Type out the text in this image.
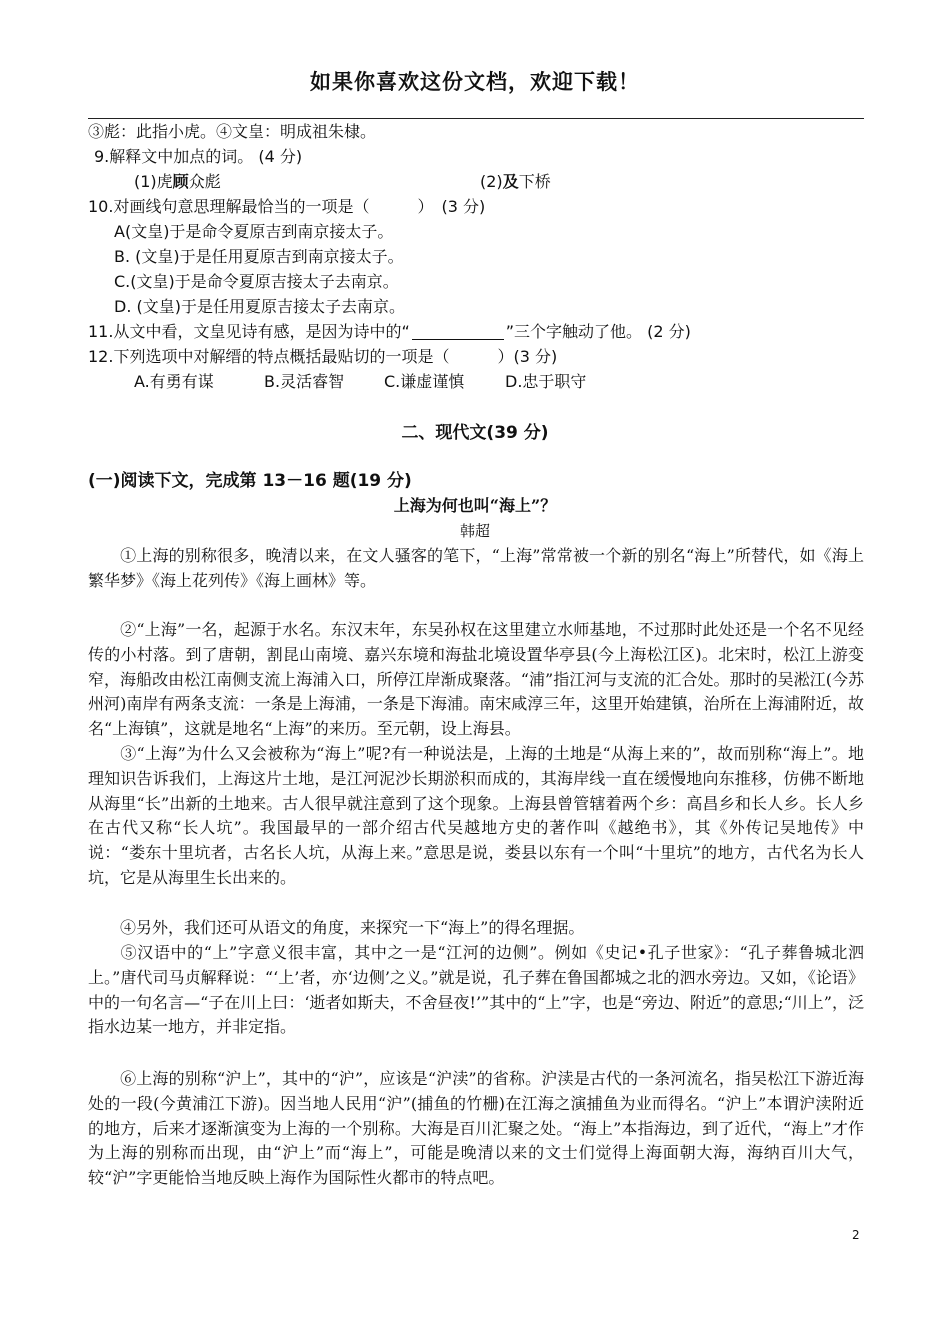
如果你喜欢这份文档，欢迎下载！
③彪：此指小虎。④文皇：明成祖朱棣。
9.解释文中加点的词。 (4 分)
(1)虎顾众彪	(2)及下桥
10.对画线句意思理解最恰当的一项是（　　　）　(3 分)
A(文皇)于是命令夏原吉到南京接太子。
B. (文皇)于是任用夏原吉到南京接太子。
C.(文皇)于是命令夏原吉接太子去南京。
D. (文皇)于是任用夏原吉接太子去南京。
11.从文中看，文皇见诗有感，是因为诗中的“	”三个字触动了他。 (2 分)
12.下列选项中对解缙的特点概括最贴切的一项是（　　　）(3 分)
A.有勇有谋	B.灵活睿智 C.谦虚谨慎	D.忠于职守
二、现代文(39 分)
(一)阅读下文，完成第 13－16 题(19 分)
上海为何也叫“海上”？
韩超
①上海的别称很多，晚清以来，在文人骚客的笔下，“上海”常常被一个新的别名“海上”所替代，如《海上繁华梦》《海上花列传》《海上画林》等。
②“上海”一名，起源于水名。东汉末年，东吴孙权在这里建立水师基地，不过那时此处还是一个名不见经传的小村落。到了唐朝，割昆山南境、嘉兴东境和海盐北境设置华亭县(今上海松江区)。北宋时，松江上游变窄，海船改由松江南侧支流上海浦入口，所停江岸渐成聚落。“浦”指江河与支流的汇合处。那时的吴淞江(今苏州河)南岸有两条支流：一条是上海浦，一条是下海浦。南宋咸淳三年，这里开始建镇，治所在上海浦附近，故名“上海镇”，这就是地名“上海”的来历。至元朝，设上海县。
③“上海”为什么又会被称为“海上”呢?有一种说法是，上海的土地是“从海上来的”，故而别称“海上”。地理知识告诉我们，上海这片土地，是江河泥沙长期淤积而成的，其海岸线一直在缓慢地向东推移，仿佛不断地从海里“长”出新的土地来。古人很早就注意到了这个现象。上海县曾管辖着两个乡：高昌乡和长人乡。长人乡在古代又称“长人坑”。我国最早的一部介绍古代吴越地方史的著作叫《越绝书》，其《外传记吴地传》中说：“娄东十里坑者，古名长人坑，从海上来。”意思是说，娄县以东有一个叫“十里坑”的地方，古代名为长人坑，它是从海里生长出来的。
④另外，我们还可从语文的角度，来探究一下“海上”的得名理据。
⑤汉语中的“上”字意义很丰富，其中之一是“江河的边侧”。例如《史记•孔子世家》：“孔子葬鲁城北泗上。”唐代司马贞解释说：“‘上’者，亦‘边侧’之义。”就是说，孔子葬在鲁国都城之北的泗水旁边。又如，《论语》中的一句名言—“子在川上曰：‘逝者如斯夫，不舍昼夜!’”其中的“上”字，也是“旁边、附近”的意思;“川上”，泛指水边某一地方，并非定指。
⑥上海的别称“沪上”，其中的“沪”，应该是“沪渎”的省称。沪渎是古代的一条河流名，指吴松江下游近海处的一段(今黄浦江下游)。因当地人民用“沪”(捕鱼的竹栅)在江海之演捕鱼为业而得名。“沪上”本谓沪渎附近的地方，后来才逐渐演变为上海的一个别称。大海是百川汇聚之处。“海上”本指海边，到了近代，“海上”才作为上海的别称而出现，由“沪上”而“海上”，可能是晚清以来的文士们觉得上海面朝大海，海纳百川大气，较“沪”字更能恰当地反映上海作为国际性火都市的特点吧。
2
